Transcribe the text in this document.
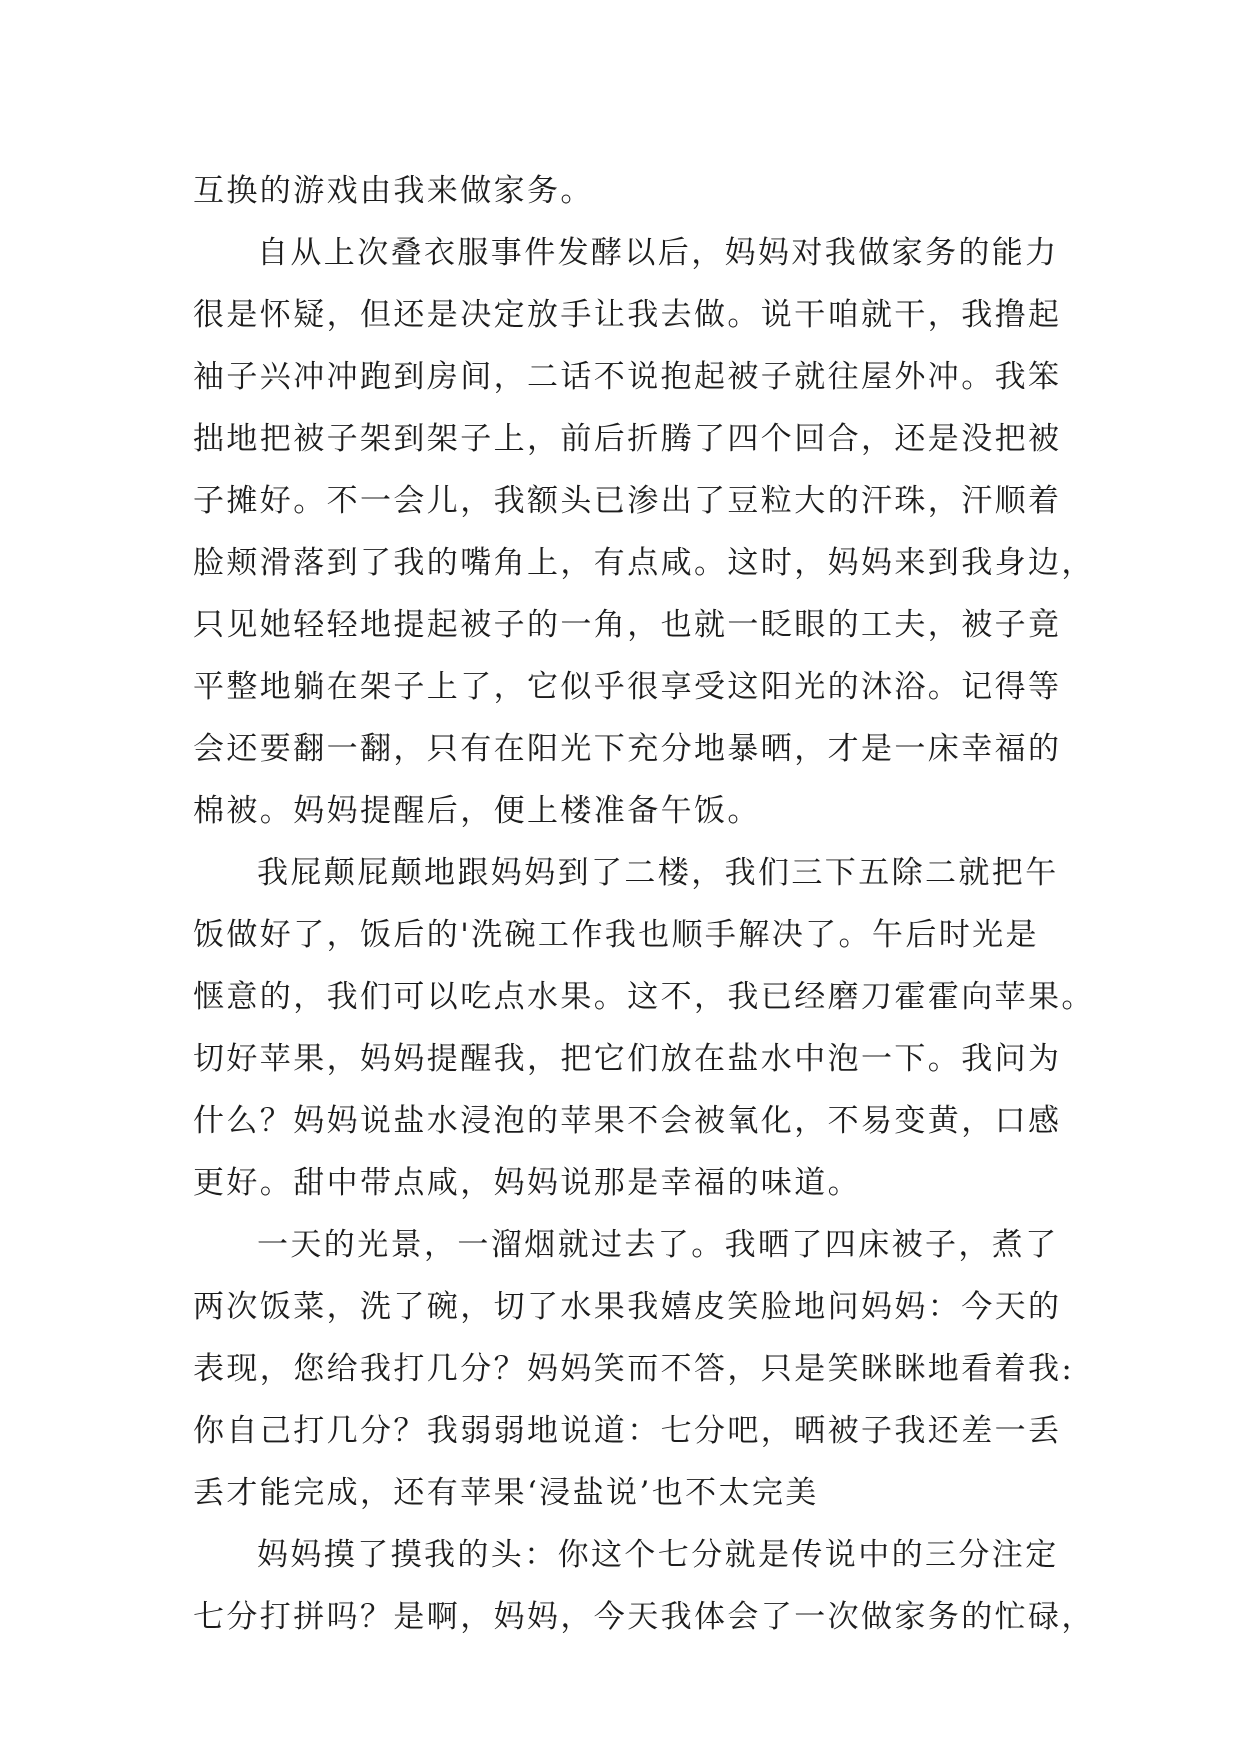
互换的游戏由我来做家务。
自从上次叠衣服事件发酵以后，妈妈对我做家务的能力
很是怀疑，但还是决定放手让我去做。说干咱就干，我撸起
袖子兴冲冲跑到房间，二话不说抱起被子就往屋外冲。我笨
拙地把被子架到架子上，前后折腾了四个回合，还是没把被
子摊好。不一会儿，我额头已渗出了豆粒大的汗珠，汗顺着
脸颊滑落到了我的嘴角上，有点咸。这时，妈妈来到我身边，
只见她轻轻地提起被子的一角，也就一眨眼的工夫，被子竟
平整地躺在架子上了，它似乎很享受这阳光的沐浴。记得等
会还要翻一翻，只有在阳光下充分地暴晒，才是一床幸福的
棉被。妈妈提醒后，便上楼准备午饭。
我屁颠屁颠地跟妈妈到了二楼，我们三下五除二就把午
饭做好了，饭后的'洗碗工作我也顺手解决了。午后时光是
惬意的，我们可以吃点水果。这不，我已经磨刀霍霍向苹果。
切好苹果，妈妈提醒我，把它们放在盐水中泡一下。我问为
什么？妈妈说盐水浸泡的苹果不会被氧化，不易变黄，口感
更好。甜中带点咸，妈妈说那是幸福的味道。
一天的光景，一溜烟就过去了。我晒了四床被子，煮了
两次饭菜，洗了碗，切了水果我嬉皮笑脸地问妈妈：今天的
表现，您给我打几分？妈妈笑而不答，只是笑眯眯地看着我:
你自己打几分？我弱弱地说道：七分吧，晒被子我还差一丢
丢才能完成，还有苹果‘浸盐说’也不太完美
妈妈摸了摸我的头：你这个七分就是传说中的三分注定
七分打拼吗？是啊，妈妈，今天我体会了一次做家务的忙碌，
